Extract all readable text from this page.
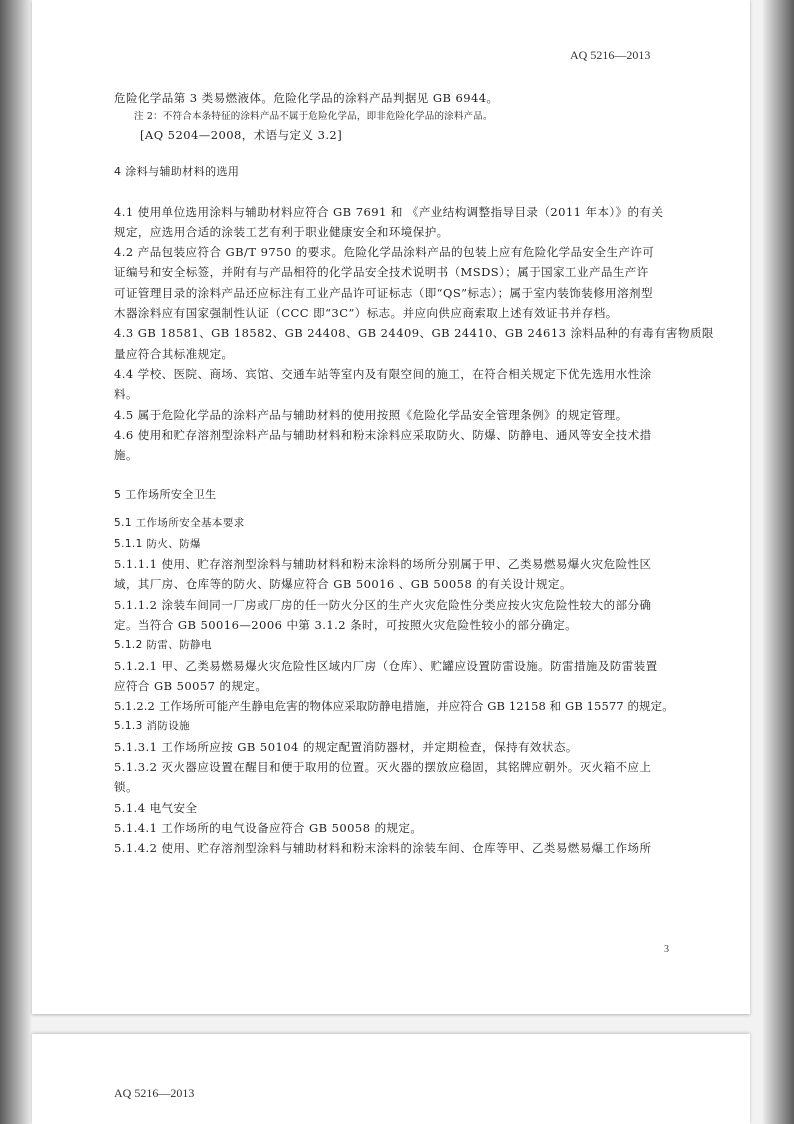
AQ 5216—2013
危险化学品第 3 类易燃液体。危险化学品的涂料产品判据见 GB 6944。
注 2：不符合本条特征的涂料产品不属于危险化学品，即非危险化学品的涂料产品。
[AQ 5204—2008，术语与定义 3.2]
4 涂料与辅助材料的选用
4.1 使用单位选用涂料与辅助材料应符合 GB 7691 和 《产业结构调整指导目录（2011 年本）》的有关
规定，应选用合适的涂装工艺有利于职业健康安全和环境保护。
4.2 产品包装应符合 GB/T 9750 的要求。危险化学品涂料产品的包装上应有危险化学品安全生产许可
证编号和安全标签，并附有与产品相符的化学品安全技术说明书（MSDS）；属于国家工业产品生产许
可证管理目录的涂料产品还应标注有工业产品许可证标志（即“QS”标志）；属于室内装饰装修用溶剂型
木器涂料应有国家强制性认证（CCC 即“3C”）标志。并应向供应商索取上述有效证书并存档。
4.3 GB 18581、GB 18582、GB 24408、GB 24409、GB 24410、GB 24613 涂料品种的有毒有害物质限
量应符合其标准规定。
4.4 学校、医院、商场、宾馆、交通车站等室内及有限空间的施工，在符合相关规定下优先选用水性涂
料。
4.5 属于危险化学品的涂料产品与辅助材料的使用按照《危险化学品安全管理条例》的规定管理。
4.6 使用和贮存溶剂型涂料产品与辅助材料和粉末涂料应采取防火、防爆、防静电、通风等安全技术措
施。
5 工作场所安全卫生
5.1 工作场所安全基本要求
5.1.1 防火、防爆
5.1.1.1 使用、贮存溶剂型涂料与辅助材料和粉末涂料的场所分别属于甲、乙类易燃易爆火灾危险性区
域，其厂房、仓库等的防火、防爆应符合 GB 50016 、GB 50058 的有关设计规定。
5.1.1.2 涂装车间同一厂房或厂房的任一防火分区的生产火灾危险性分类应按火灾危险性较大的部分确
定。当符合 GB 50016—2006 中第 3.1.2 条时，可按照火灾危险性较小的部分确定。
5.1.2 防雷、防静电
5.1.2.1 甲、乙类易燃易爆火灾危险性区域内厂房（仓库）、贮罐应设置防雷设施。防雷措施及防雷装置
应符合 GB 50057 的规定。
5.1.2.2 工作场所可能产生静电危害的物体应采取防静电措施，并应符合 GB 12158 和 GB 15577 的规定。
5.1.3 消防设施
5.1.3.1 工作场所应按 GB 50104 的规定配置消防器材，并定期检查，保持有效状态。
5.1.3.2 灭火器应设置在醒目和便于取用的位置。灭火器的摆放应稳固，其铭牌应朝外。灭火箱不应上
锁。
5.1.4 电气安全
5.1.4.1 工作场所的电气设备应符合 GB 50058 的规定。
5.1.4.2 使用、贮存溶剂型涂料与辅助材料和粉末涂料的涂装车间、仓库等甲、乙类易燃易爆工作场所
3
AQ 5216—2013
